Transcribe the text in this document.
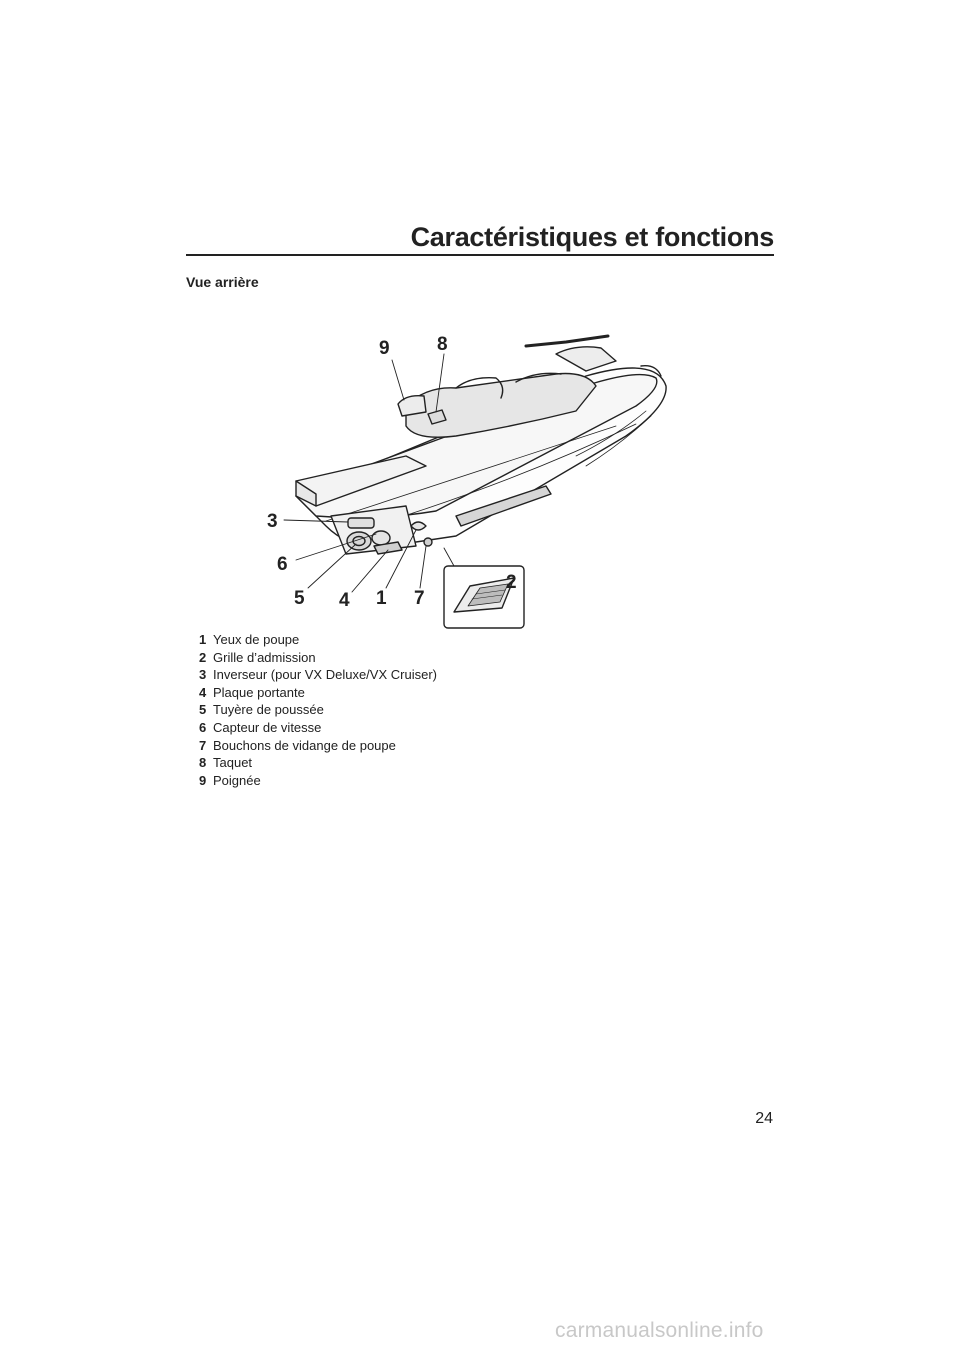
Caractéristiques et fonctions
Vue arrière
9 8
3
6
5 4 1 7
2
1 Yeux de poupe
2 Grille d’admission
3 Inverseur (pour VX Deluxe/VX Cruiser)
4 Plaque portante
5 Tuyère de poussée
6 Capteur de vitesse
7 Bouchons de vidange de poupe
8 Taquet
9 Poignée
24
carmanualsonline.info
